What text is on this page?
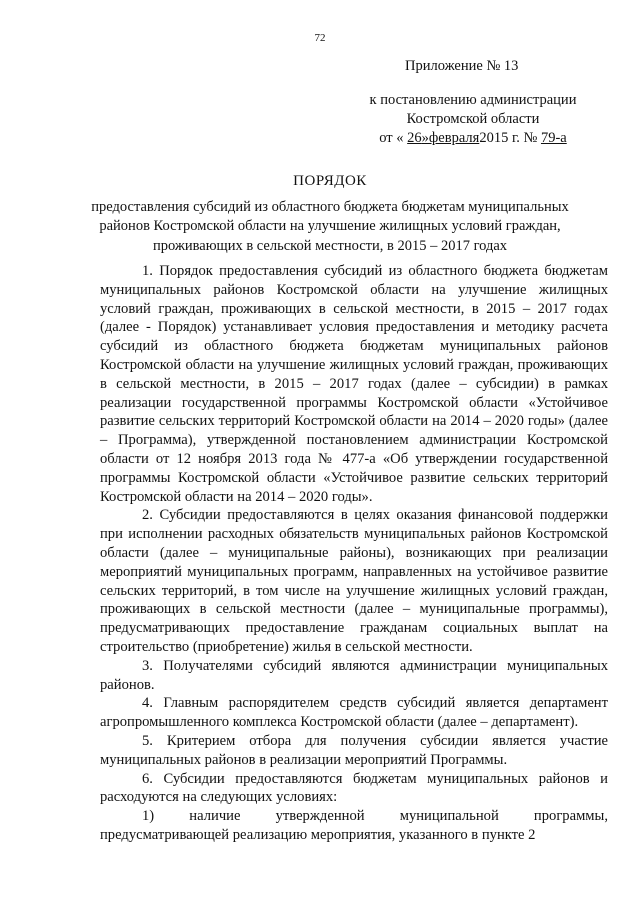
72
Приложение № 13
к постановлению администрации
Костромской области
от « 26»февраля2015 г. № 79-а
ПОРЯДОК
предоставления субсидий из областного бюджета бюджетам муниципальных
районов Костромской области на улучшение жилищных условий граждан,
проживающих в сельской местности, в 2015 – 2017 годах

1. Порядок предоставления субсидий из областного бюджета бюджетам муниципальных районов Костромской области на улучшение жилищных условий граждан, проживающих в сельской местности, в 2015 – 2017 годах (далее - Порядок) устанавливает условия предоставления и методику расчета субсидий из областного бюджета бюджетам муниципальных районов Костромской области на улучшение жилищных условий граждан, проживающих в сельской местности, в 2015 – 2017 годах (далее – субсидии) в рамках реализации государственной программы Костромской области «Устойчивое развитие сельских территорий Костромской области на 2014 – 2020 годы» (далее – Программа), утвержденной постановлением администрации Костромской области от 12 ноября 2013 года № 477-а «Об утверждении государственной программы Костромской области «Устойчивое развитие сельских территорий Костромской области на 2014 – 2020 годы».

2. Субсидии предоставляются в целях оказания финансовой поддержки при исполнении расходных обязательств муниципальных районов Костромской области (далее – муниципальные районы), возникающих при реализации мероприятий муниципальных программ, направленных на устойчивое развитие сельских территорий, в том числе на улучшение жилищных условий граждан, проживающих в сельской местности (далее – муниципальные программы), предусматривающих предоставление гражданам социальных выплат на строительство (приобретение) жилья в сельской местности.

3. Получателями субсидий являются администрации муниципальных районов.

4. Главным распорядителем средств субсидий является департамент агропромышленного комплекса Костромской области (далее – департамент).

5. Критерием отбора для получения субсидии является участие муниципальных районов в реализации мероприятий Программы.

6. Субсидии предоставляются бюджетам муниципальных районов и расходуются на следующих условиях:

1) наличие утвержденной муниципальной программы, предусматривающей реализацию мероприятия, указанного в пункте 2
